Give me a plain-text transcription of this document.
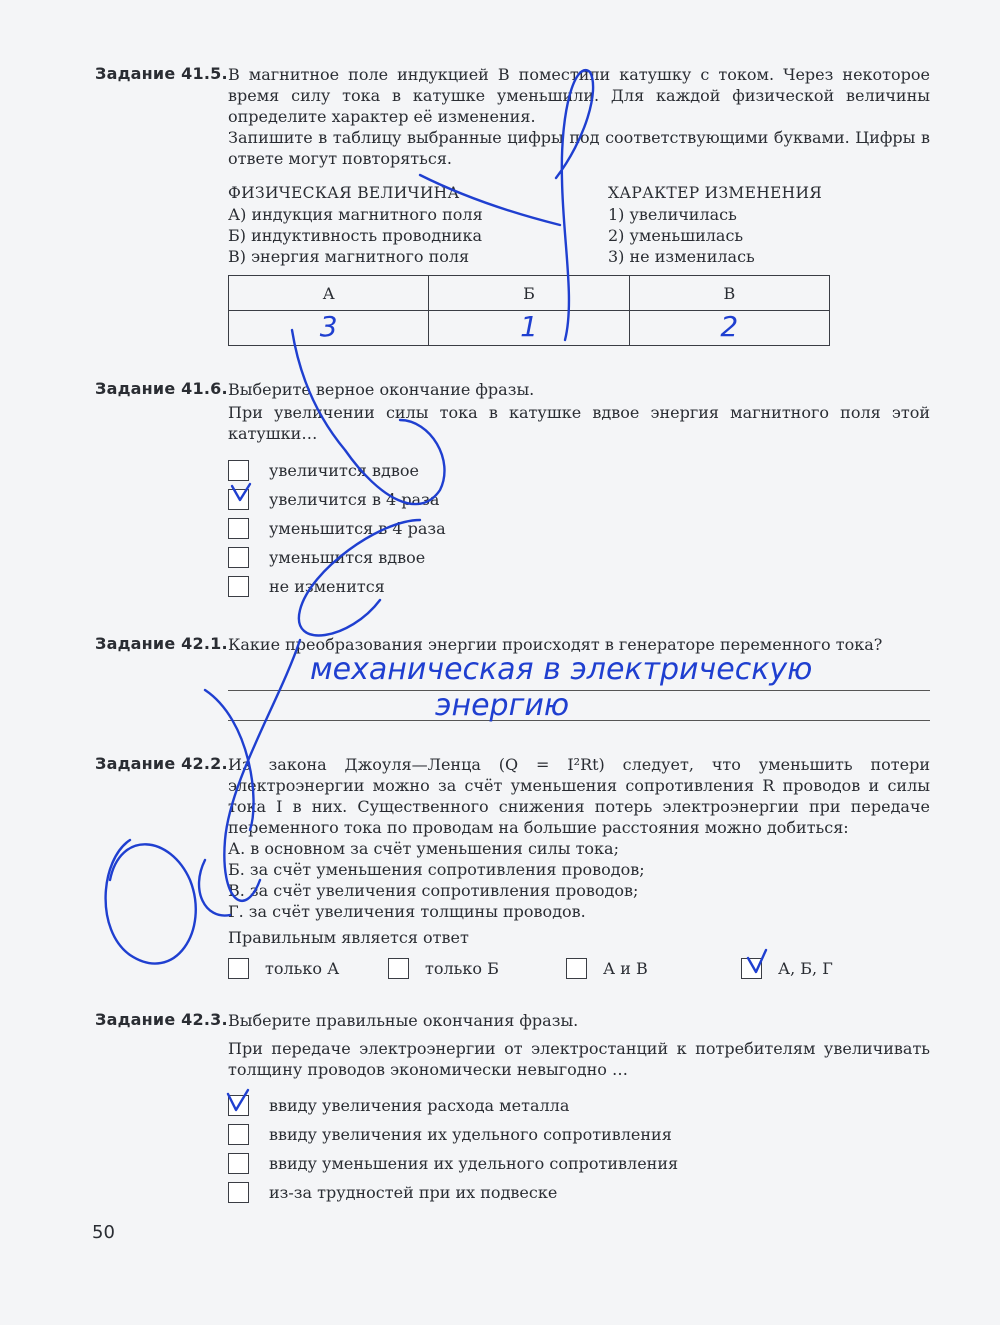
Задание 41.5. В магнитное поле индукцией B поместили катушку с током. Через некоторое время силу тока в катушке уменьшили. Для каждой физической величины определите характер её изменения.

Запишите в таблицу выбранные цифры под соответствующими буквами. Цифры в ответе могут повторяться.

ФИЗИЧЕСКАЯ ВЕЛИЧИНА
А) индукция магнитного поля
Б) индуктивность проводника
В) энергия магнитного поля
ХАРАКТЕР ИЗМЕНЕНИЯ
1) увеличилась
2) уменьшилась
3) не изменилась
А	Б	В
3	1	2
Задание 41.6. Выберите верное окончание фразы.

При увеличении силы тока в катушке вдвое энергия магнитного поля этой катушки…

увеличится вдвое
увеличится в 4 раза
уменьшится в 4 раза
уменьшится вдвое
не изменится
Задание 42.1. Какие преобразования энергии происходят в генераторе переменного тока?

механическая в электрическую
энергию
Задание 42.2. Из закона Джоуля—Ленца (Q = I²Rt) следует, что уменьшить потери электроэнергии можно за счёт уменьшения сопротивления R проводов и силы тока I в них. Существенного снижения потерь электроэнергии при передаче переменного тока по проводам на большие расстояния можно добиться:

А. в основном за счёт уменьшения силы тока;
Б. за счёт уменьшения сопротивления проводов;
В. за счёт увеличения сопротивления проводов;
Г. за счёт увеличения толщины проводов.

Правильным является ответ

только А	только Б	А и В	А, Б, Г
Задание 42.3. Выберите правильные окончания фразы.

При передаче электроэнергии от электростанций к потребителям увеличивать толщину проводов экономически невыгодно …

ввиду увеличения расхода металла
ввиду увеличения их удельного сопротивления
ввиду уменьшения их удельного сопротивления
из-за трудностей при их подвеске
50
